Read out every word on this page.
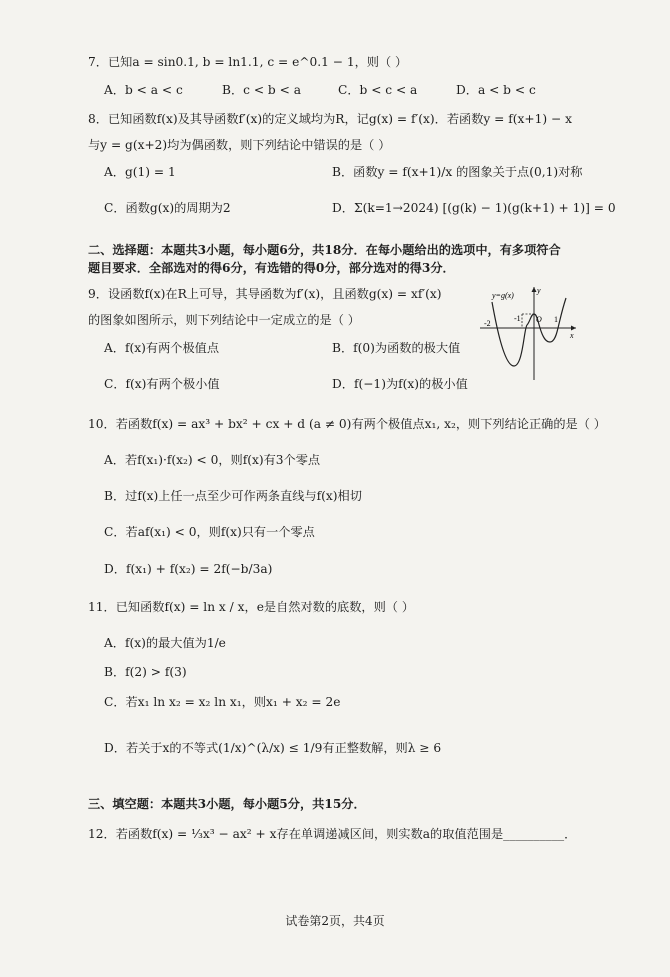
7．已知a = sin0.1, b = ln1.1, c = e^0.1 − 1，则（ ）
A．b < a < c	B．c < b < a	C．b < c < a	D．a < b < c
8．已知函数f(x)及其导函数f′(x)的定义域均为R，记g(x) = f′(x)．若函数y = f(x+1) − x
与y = g(x+2)均为偶函数，则下列结论中错误的是（ ）
A．g(1) = 1	B．函数y = f(x+1)/x 的图象关于点(0,1)对称
C．函数g(x)的周期为2	D．Σ(k=1→2024) [(g(k) − 1)(g(k+1) + 1)] = 0
二、选择题：本题共3小题，每小题6分，共18分．在每小题给出的选项中，有多项符合
题目要求．全部选对的得6分，有选错的得0分，部分选对的得3分．
9．设函数f(x)在R上可导，其导函数为f′(x)，且函数g(x) = xf′(x)
的图象如图所示，则下列结论中一定成立的是（ ）
A．f(x)有两个极值点	B．f(0)为函数的极大值
C．f(x)有两个极小值	D．f(−1)为f(x)的极小值
y=g(x)
y
x
-2
-1 O 1
10．若函数f(x) = ax³ + bx² + cx + d (a ≠ 0)有两个极值点x₁, x₂，则下列结论正确的是（ ）
A．若f(x₁)·f(x₂) < 0，则f(x)有3个零点
B．过f(x)上任一点至少可作两条直线与f(x)相切
C．若af(x₁) < 0，则f(x)只有一个零点
D．f(x₁) + f(x₂) = 2f(−b/3a)
11．已知函数f(x) = ln x / x，e是自然对数的底数，则（ ）
A．f(x)的最大值为1/e
B．f(2) > f(3)
C．若x₁ ln x₂ = x₂ ln x₁，则x₁ + x₂ = 2e
D．若关于x的不等式(1/x)^(λ/x) ≤ 1/9有正整数解，则λ ≥ 6
三、填空题：本题共3小题，每小题5分，共15分．
12．若函数f(x) = ⅓x³ − ax² + x存在单调递减区间，则实数a的取值范围是__________．
试卷第2页，共4页
